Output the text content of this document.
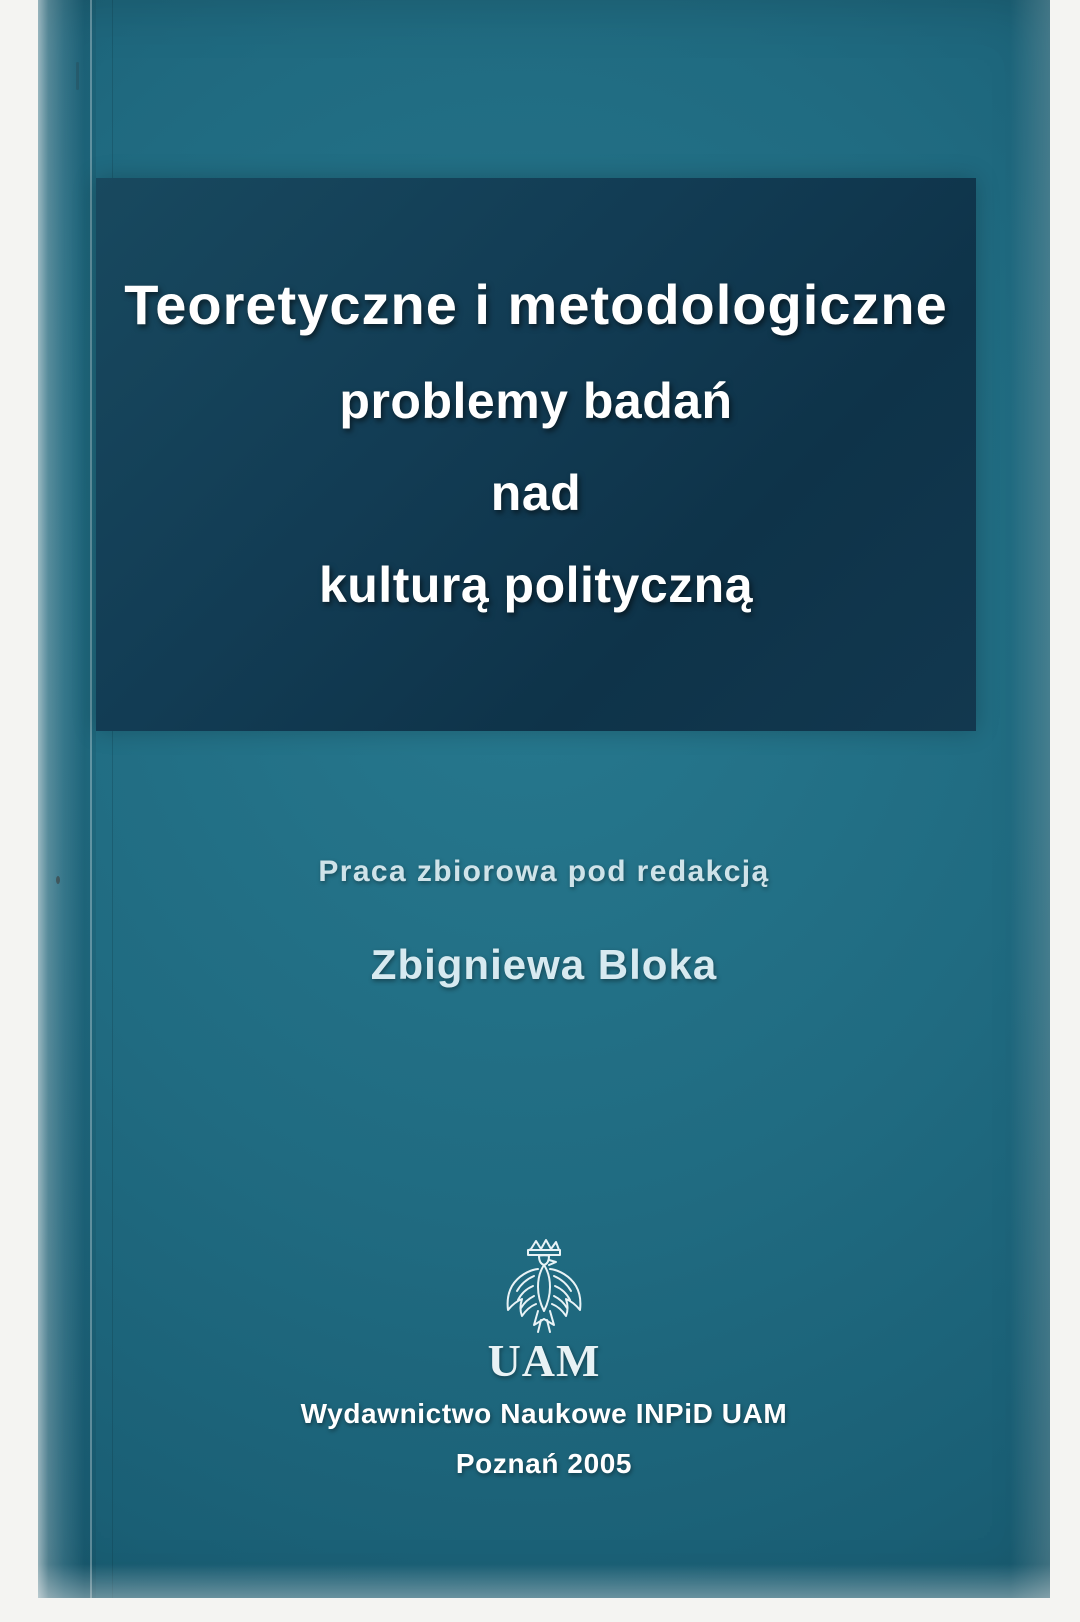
Teoretyczne i metodologiczne
problemy badań
nad
kulturą polityczną
Praca zbiorowa pod redakcją
Zbigniewa Bloka
UAM
Wydawnictwo Naukowe INPiD UAM
Poznań 2005
